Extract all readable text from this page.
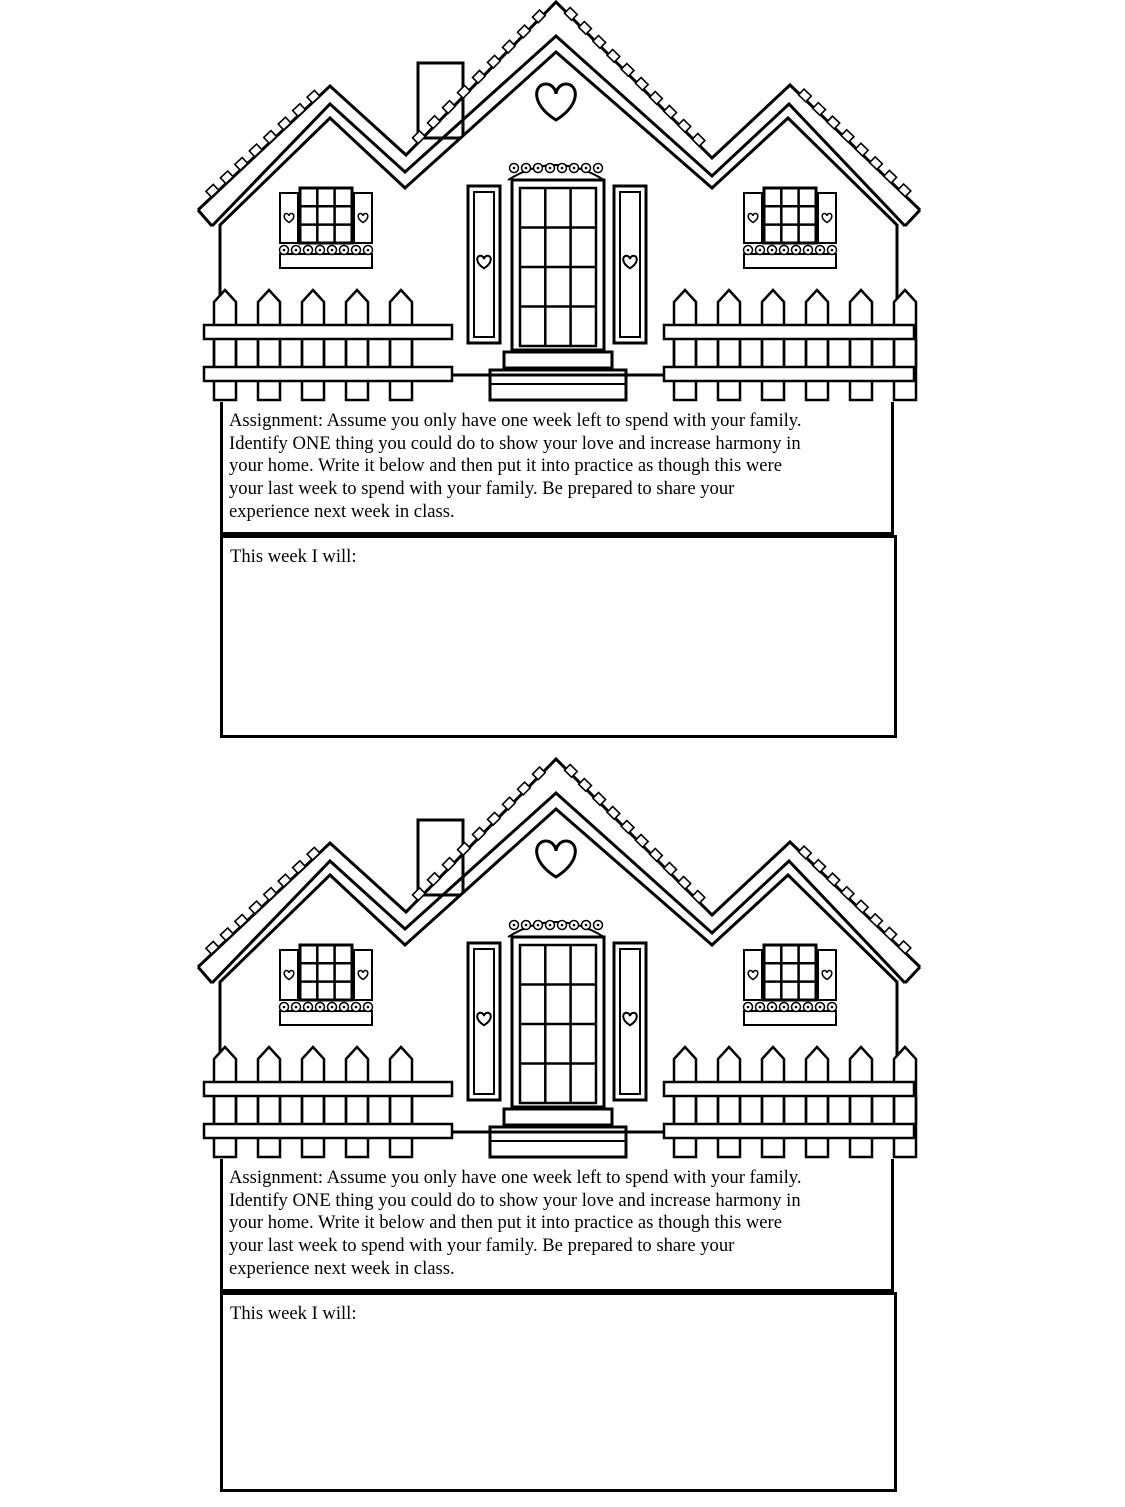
Assignment: Assume you only have one week left to spend with your family.
Identify ONE thing you could do to show your love and increase harmony in
your home. Write it below and then put it into practice as though this were
your last week to spend with your family. Be prepared to share your
experience next week in class.
This week I will:
Assignment: Assume you only have one week left to spend with your family.
Identify ONE thing you could do to show your love and increase harmony in
your home. Write it below and then put it into practice as though this were
your last week to spend with your family. Be prepared to share your
experience next week in class.
This week I will:
